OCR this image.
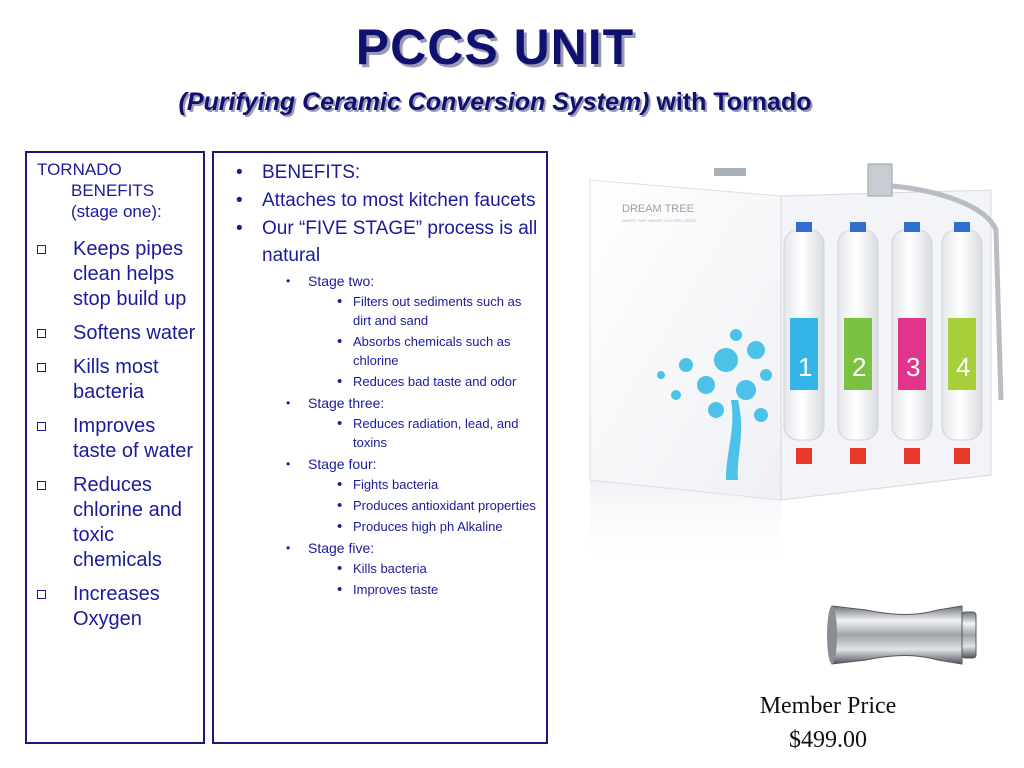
PCCS UNIT
(Purifying Ceramic Conversion System) with Tornado
TORNADO
BENEFITS
(stage one):
Keeps pipes clean helps stop build up
Softens water
Kills most bacteria
Improves taste of water
Reduces chlorine and toxic chemicals
Increases Oxygen
• BENEFITS:
• Attaches to most kitchen faucets
• Our “FIVE STAGE” process is all natural
• Stage two:
• Filters out sediments such as dirt and sand
• Absorbs chemicals such as chlorine
• Reduces bad taste and odor
• Stage three:
• Reduces radiation, lead, and toxins
• Stage four:
• Fights bacteria
• Produces antioxidant properties
• Produces high ph Alkaline
• Stage five:
• Kills bacteria
• Improves taste
DREAM TREE
WATER THAT MAKES YOU FEEL GOOD
1 2 3 4
Member Price
$499.00
